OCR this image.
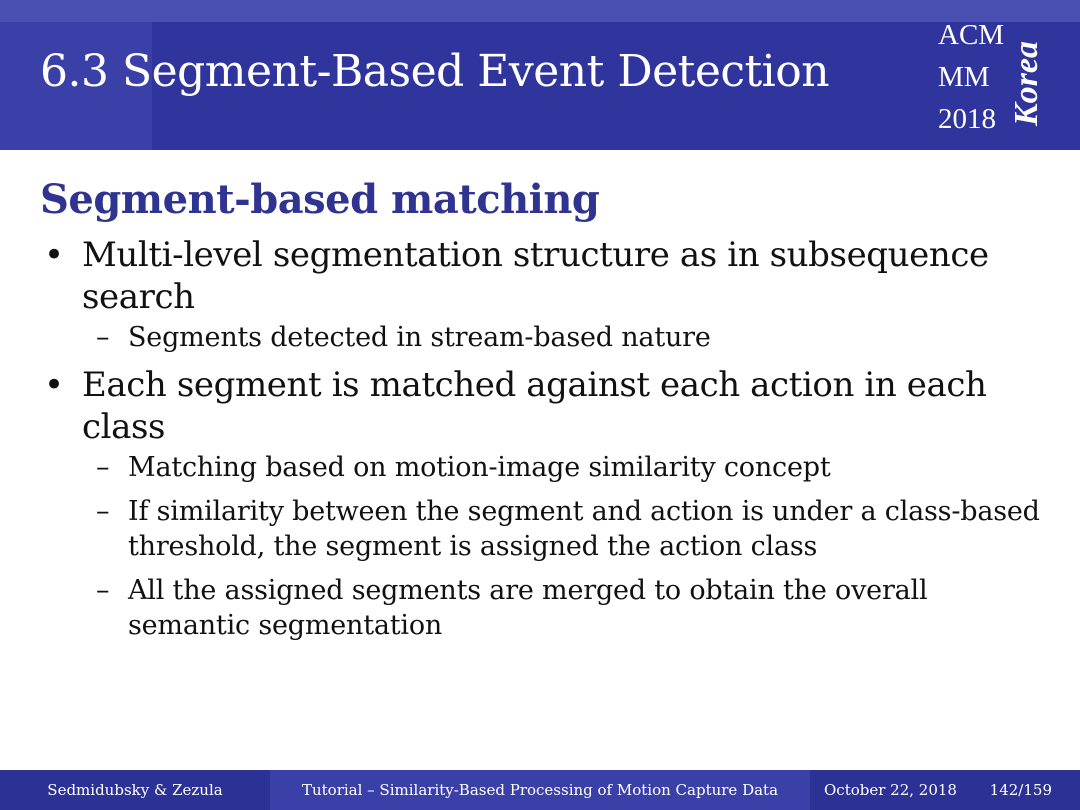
6.3 Segment-Based Event Detection
ACM
MM
2018 Korea
Segment-based matching
• Multi-level segmentation structure as in subsequence search
– Segments detected in stream-based nature
• Each segment is matched against each action in each class
– Matching based on motion-image similarity concept
– If similarity between the segment and action is under a class-based threshold, the segment is assigned the action class
– All the assigned segments are merged to obtain the overall semantic segmentation
Sedmidubsky & Zezula	Tutorial – Similarity-Based Processing of Motion Capture Data	October 22, 2018 142/159
